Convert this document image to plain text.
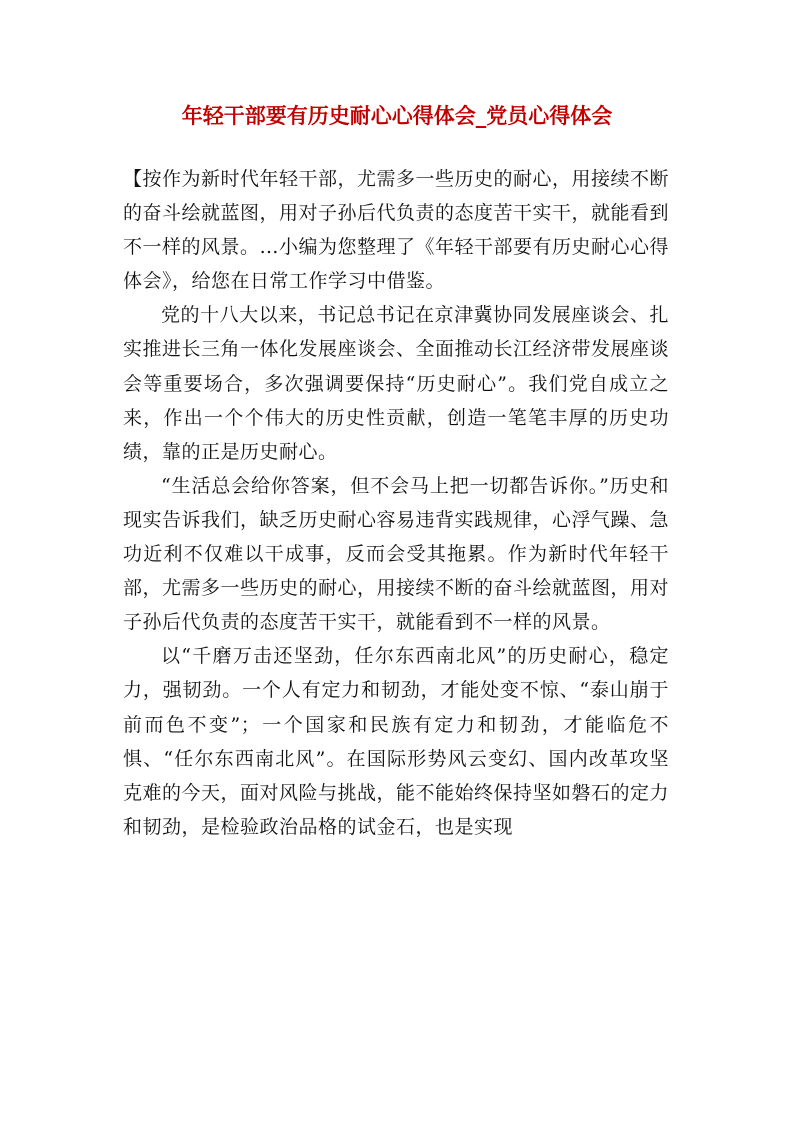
年轻干部要有历史耐心心得体会_党员心得体会

【按作为新时代年轻干部，尤需多一些历史的耐心，用接续不断的奋斗绘就蓝图，用对子孙后代负责的态度苦干实干，就能看到不一样的风景。…小编为您整理了《年轻干部要有历史耐心心得体会》，给您在日常工作学习中借鉴。

党的十八大以来，书记总书记在京津冀协同发展座谈会、扎实推进长三角一体化发展座谈会、全面推动长江经济带发展座谈会等重要场合，多次强调要保持“历史耐心”。我们党自成立之来，作出一个个伟大的历史性贡献，创造一笔笔丰厚的历史功绩，靠的正是历史耐心。

“生活总会给你答案，但不会马上把一切都告诉你。”历史和现实告诉我们，缺乏历史耐心容易违背实践规律，心浮气躁、急功近利不仅难以干成事，反而会受其拖累。作为新时代年轻干部，尤需多一些历史的耐心，用接续不断的奋斗绘就蓝图，用对子孙后代负责的态度苦干实干，就能看到不一样的风景。

以“千磨万击还坚劲，任尔东西南北风”的历史耐心，稳定力，强韧劲。一个人有定力和韧劲，才能处变不惊、“泰山崩于前而色不变”；一个国家和民族有定力和韧劲，才能临危不惧、“任尔东西南北风”。在国际形势风云变幻、国内改革攻坚克难的今天，面对风险与挑战，能不能始终保持坚如磐石的定力和韧劲，是检验政治品格的试金石，也是实现
